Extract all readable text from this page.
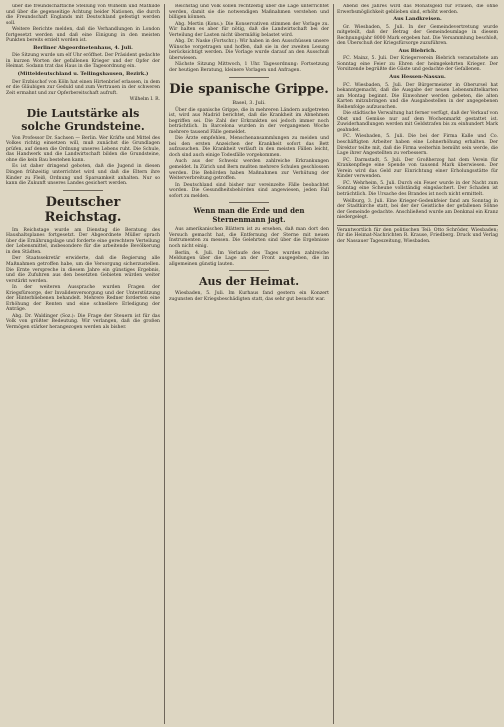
über die freundschaftliche Stellung von Wilhelm und Mathilde und über die gegenseitige Achtung beider Nationen, die durch die Freundschaft Englands mit Deutschland gefestigt werden soll.

Weitere Berichte melden, daß die Verhandlungen in London fortgesetzt werden und daß eine Einigung in den meisten Punkten bereits erzielt worden ist.

Berliner Abgeordnetenhaus, 4. Juli.

Die Sitzung wurde um elf Uhr eröffnet. Der Präsident gedachte in kurzen Worten der gefallenen Krieger und der Opfer der Heimat. Sodann trat das Haus in die Tagesordnung ein.

(Mitteldeutschland u. Tellingshausen, Bezirk.)

Der Erzbischof von Köln hat einen Hirtenbrief erlassen, in dem er die Gläubigen zur Geduld und zum Vertrauen in der schweren Zeit ermahnt und zur Opferbereitschaft aufruft.

Wilhelm I. R.

Die Lautstärke als solche Grundsteine.

Von Professor Dr. Sachsen — Berlin. Wer Kräfte und Mittel des Volkes richtig einsetzen will, muß zunächst die Grundlagen prüfen, auf denen die Ordnung unseres Lebens ruht. Die Schule, das Handwerk und die Landwirtschaft bilden die Grundsteine, ohne die kein Bau bestehen kann.

Es ist daher dringend geboten, daß die Jugend in diesen Dingen frühzeitig unterrichtet wird und daß die Eltern ihre Kinder zu Fleiß, Ordnung und Sparsamkeit anhalten. Nur so kann die Zukunft unseres Landes gesichert werden.

Deutscher Reichstag.

Im Reichstage wurde am Dienstag die Beratung des Haushaltsplanes fortgesetzt. Der Abgeordnete Müller sprach über die Ernährungslage und forderte eine gerechtere Verteilung der Lebensmittel, insbesondere für die arbeitende Bevölkerung in den Städten.

Der Staatssekretär erwiderte, daß die Regierung alle Maßnahmen getroffen habe, um die Versorgung sicherzustellen. Die Ernte verspreche in diesem Jahre ein günstiges Ergebnis, und die Zufuhren aus den besetzten Gebieten würden weiter verstärkt werden.

In der weiteren Aussprache wurden Fragen der Kriegsfürsorge, der Invalidenversorgung und der Unterstützung der Hinterbliebenen behandelt. Mehrere Redner forderten eine Erhöhung der Renten und eine schnellere Erledigung der Anträge.

Abg. Dr. Waldinger (Soz.): Die Frage der Steuern ist für das Volk von größter Bedeutung. Wir verlangen, daß die großen Vermögen stärker herangezogen werden als bisher.

Reichstag und Volk sollen rechtzeitig über die Lage unterrichtet werden, damit sie die notwendigen Maßnahmen verstehen und billigen können.

Abg. Mertin (Kons.): Die Konservativen stimmen der Vorlage zu. Wir halten es aber für nötig, daß die Landwirtschaft bei der Verteilung der Lasten nicht übermäßig belastet wird.

Abg. Dr. Naske (Fortschr.): Wir haben in den Ausschüssen unsere Wünsche vorgetragen und hoffen, daß sie in der zweiten Lesung berücksichtigt werden. Die Vorlage wurde darauf an den Ausschuß überwiesen.

Nächste Sitzung Mittwoch, 1 Uhr. Tagesordnung: Fortsetzung der heutigen Beratung, kleinere Vorlagen und Anfragen.

Die spanische Grippe.
Basel, 3. Juli.

Über die spanische Grippe, die in mehreren Ländern aufgetreten ist, wird aus Madrid berichtet, daß die Krankheit im Abnehmen begriffen sei. Die Zahl der Erkrankten sei jedoch immer noch beträchtlich. In Barcelona wurden in der vergangenen Woche mehrere tausend Fälle gemeldet.

Die Ärzte empfehlen, Menschenansammlungen zu meiden und bei den ersten Anzeichen der Krankheit sofort das Bett aufzusuchen. Die Krankheit verläuft in den meisten Fällen leicht, doch sind auch einige Todesfälle vorgekommen.

Auch aus der Schweiz werden zahlreiche Erkrankungen gemeldet. In Zürich und Bern mußten mehrere Schulen geschlossen werden. Die Behörden haben Maßnahmen zur Verhütung der Weiterverbreitung getroffen.

In Deutschland sind bisher nur vereinzelte Fälle beobachtet worden. Die Gesundheitsbehörden sind angewiesen, jeden Fall sofort zu melden.

Wenn man die Erde und den Sternenmann jagt.

Aus amerikanischen Blättern ist zu ersehen, daß man dort den Versuch gemacht hat, die Entfernung der Sterne mit neuen Instrumenten zu messen. Die Gelehrten sind über die Ergebnisse noch nicht einig.

Berlin, 4. Juli. Im Verlaufe des Tages wurden zahlreiche Meldungen über die Lage an der Front ausgegeben, die im allgemeinen günstig lauten.

Aus der Heimat.

Wiesbaden, 5. Juli. Im Kurhaus fand gestern ein Konzert zugunsten der Kriegsbeschädigten statt, das sehr gut besucht war.

Abend des Jahres wird das Monatsgeld für Frauen, die ohne Erwerbsmöglichkeit geblieben sind, erhöht werden.

Aus Landkreisen.

Gr. Wiesbaden, 5. Juli. In der Gemeindevertretung wurde mitgeteilt, daß der Betrag der Gemeindeumlage in diesem Rechnungsjahr 8000 Mark ergeben hat. Die Versammlung beschloß, den Überschuß der Kriegsfürsorge zuzuführen.

Aus Biebrich.

FC. Mainz, 5. Juli. Der Kriegerverein Biebrich veranstaltete am Sonntag eine Feier zu Ehren der heimgekehrten Krieger. Der Vorsitzende begrüßte die Gäste und gedachte der Gefallenen.

Aus Hessen-Nassau.

FC. Wiesbaden, 5. Juli. Der Bürgermeister in Oberursel hat bekanntgemacht, daß die Ausgabe der neuen Lebensmittelkarten am Montag beginnt. Die Einwohner werden gebeten, die alten Karten mitzubringen und die Ausgabestellen in der angegebenen Reihenfolge aufzusuchen.

Die städtische Verwaltung hat ferner verfügt, daß der Verkauf von Obst und Gemüse nur auf dem Wochenmarkt gestattet ist. Zuwiderhandlungen werden mit Geldstrafen bis zu einhundert Mark geahndet.

FC. Wiesbaden, 5. Juli. Die bei der Firma Kalle und Co. beschäftigten Arbeiter haben eine Lohnerhöhung erhalten. Der Direktor teilte mit, daß die Firma weiterhin bemüht sein werde, die Lage ihrer Angestellten zu verbessern.

FC. Darmstadt, 5. Juli. Der Großherzog hat dem Verein für Krankenpflege eine Spende von tausend Mark überwiesen. Der Verein wird das Geld zur Einrichtung einer Erholungsstätte für Kinder verwenden.

FC. Wehrheim, 5. Juli. Durch ein Feuer wurde in der Nacht zum Sonntag eine Scheune vollständig eingeäschert. Der Schaden ist beträchtlich. Die Ursache des Brandes ist noch nicht ermittelt.

Weilburg, 3. Juli. Eine Krieger-Gedenkfeier fand am Sonntag in der Stadtkirche statt, bei der der Geistliche der gefallenen Söhne der Gemeinde gedachte. Anschließend wurde am Denkmal ein Kranz niedergelegt.

Verantwortlich für den politischen Teil: Otto Schröder, Wiesbaden; für die Heimat-Nachrichten R. Krause, Friedberg. Druck und Verlag der Nassauer Tageszeitung, Wiesbaden.
